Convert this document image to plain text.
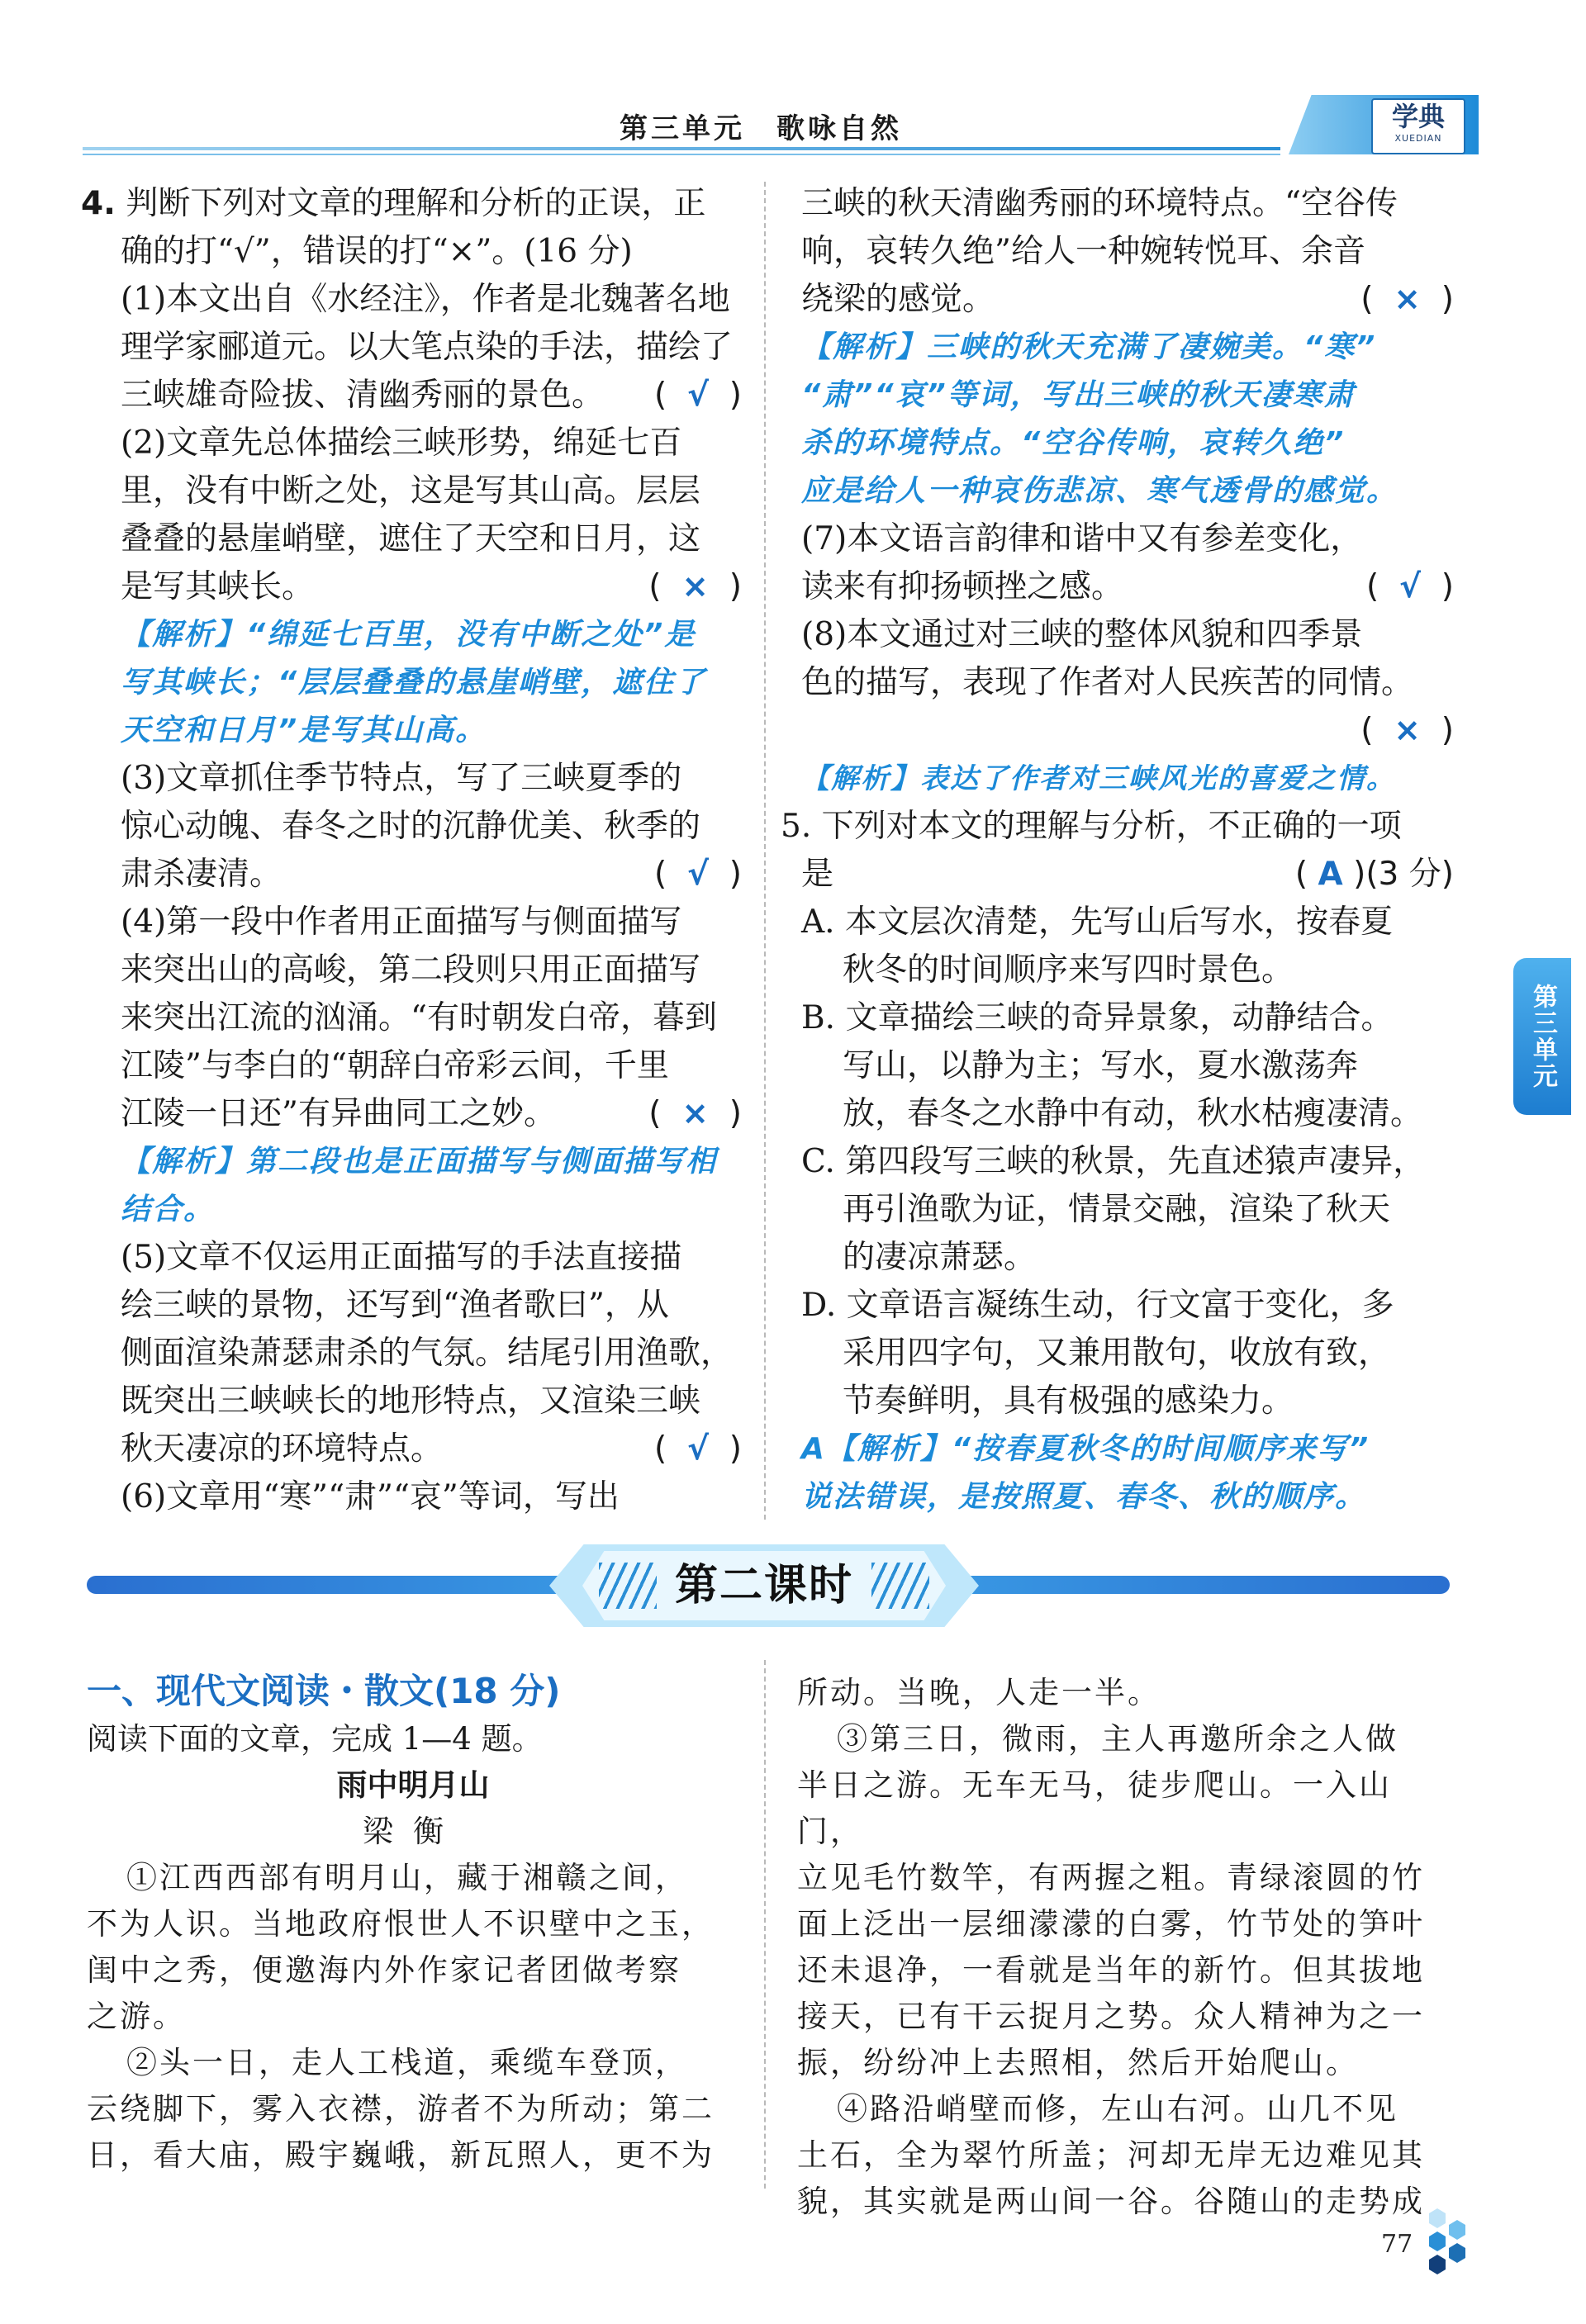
第三单元　歌咏自然	学典
XUEDIAN

4. 判断下列对文章的理解和分析的正误，正

确的打“√”，错误的打“×”。(16 分)

(1)本文出自《水经注》，作者是北魏著名地

理学家郦道元。以大笔点染的手法，描绘了

三峡雄奇险拔、清幽秀丽的景色。 (  √  )

(2)文章先总体描绘三峡形势，绵延七百

里，没有中断之处，这是写其山高。层层

叠叠的悬崖峭壁，遮住了天空和日月，这

是写其峡长。	(  ×  )

【解析】“绵延七百里，没有中断之处”是

写其峡长；“层层叠叠的悬崖峭壁，遮住了

天空和日月”是写其山高。

(3)文章抓住季节特点，写了三峡夏季的

惊心动魄、春冬之时的沉静优美、秋季的

肃杀凄清。	(  √  )

(4)第一段中作者用正面描写与侧面描写

来突出山的高峻，第二段则只用正面描写

来突出江流的汹涌。“有时朝发白帝，暮到

江陵”与李白的“朝辞白帝彩云间，千里

江陵一日还”有异曲同工之妙。	(  ×  )

【解析】第二段也是正面描写与侧面描写相

结合。

(5)文章不仅运用正面描写的手法直接描

绘三峡的景物，还写到“渔者歌曰”，从

侧面渲染萧瑟肃杀的气氛。结尾引用渔歌，

既突出三峡峡长的地形特点，又渲染三峡

秋天凄凉的环境特点。	(  √  )

(6)文章用“寒”“肃”“哀”等词，写出

三峡的秋天清幽秀丽的环境特点。“空谷传

响，哀转久绝”给人一种婉转悦耳、余音

绕梁的感觉。	(  ×  )

【解析】三峡的秋天充满了凄婉美。“寒”

“肃”“哀”等词，写出三峡的秋天凄寒肃

杀的环境特点。“空谷传响，哀转久绝”

应是给人一种哀伤悲凉、寒气透骨的感觉。

(7)本文语言韵律和谐中又有参差变化，

读来有抑扬顿挫之感。	(  √  )

(8)本文通过对三峡的整体风貌和四季景

色的描写，表现了作者对人民疾苦的同情。

(  ×  )

【解析】表达了作者对三峡风光的喜爱之情。

5. 下列对本文的理解与分析，不正确的一项

是	( A )(3 分)

A. 本文层次清楚，先写山后写水，按春夏

秋冬的时间顺序来写四时景色。

B. 文章描绘三峡的奇异景象，动静结合。

写山，以静为主；写水，夏水激荡奔

放，春冬之水静中有动，秋水枯瘦凄清。

C. 第四段写三峡的秋景，先直述猿声凄异，

再引渔歌为证，情景交融，渲染了秋天

的凄凉萧瑟。

D. 文章语言凝练生动，行文富于变化，多

采用四字句，又兼用散句，收放有致，

节奏鲜明，具有极强的感染力。

A【解析】“按春夏秋冬的时间顺序来写”

说法错误，是按照夏、春冬、秋的顺序。

第二课时
一、现代文阅读・散文(18 分)

阅读下面的文章，完成 1—4 题。

雨中明月山

梁衡

①江西西部有明月山，藏于湘赣之间，

不为人识。当地政府恨世人不识壁中之玉，

闺中之秀，便邀海内外作家记者团做考察

之游。

②头一日，走人工栈道，乘缆车登顶，

云绕脚下，雾入衣襟，游者不为所动；第二

日，看大庙，殿宇巍峨，新瓦照人，更不为

所动。当晚，人走一半。

③第三日，微雨，主人再邀所余之人做

半日之游。无车无马，徒步爬山。一入山门，

立见毛竹数竿，有两握之粗。青绿滚圆的竹

面上泛出一层细濛濛的白雾，竹节处的笋叶

还未退净，一看就是当年的新竹。但其拔地

接天，已有干云捉月之势。众人精神为之一

振，纷纷冲上去照相，然后开始爬山。

④路沿峭壁而修，左山右河。山几不见

土石，全为翠竹所盖；河却无岸无边难见其

貌，其实就是两山间一谷。谷随山的走势成

第三单元
77
